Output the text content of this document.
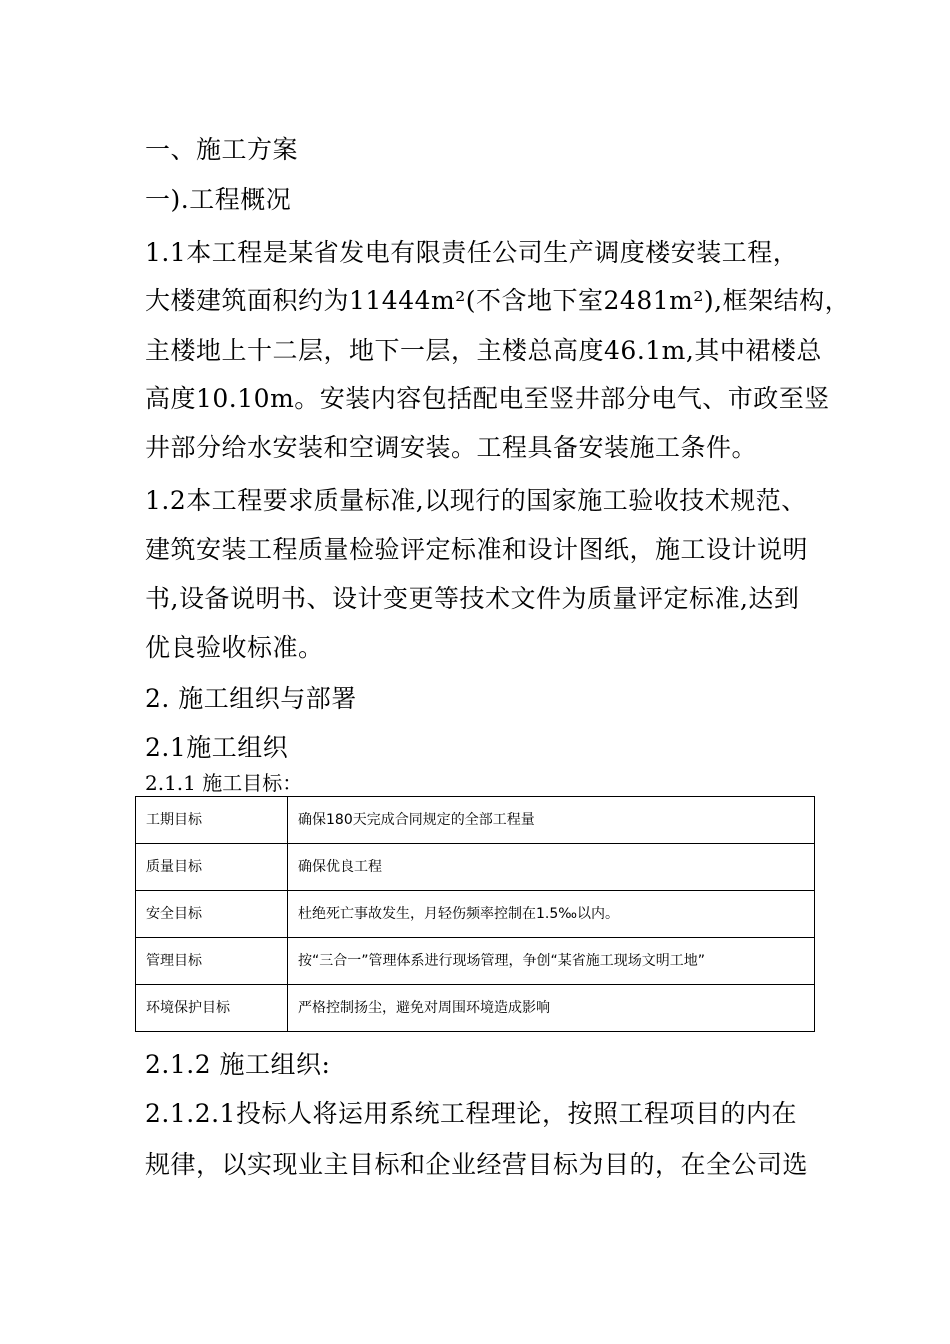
一、施工方案
一).工程概况
1.1本工程是某省发电有限责任公司生产调度楼安装工程，
大楼建筑面积约为11444m²(不含地下室2481m²),框架结构，
主楼地上十二层，地下一层，主楼总高度46.1m,其中裙楼总
高度10.10m。安装内容包括配电至竖井部分电气、市政至竖
井部分给水安装和空调安装。工程具备安装施工条件。
1.2本工程要求质量标准,以现行的国家施工验收技术规范、
建筑安装工程质量检验评定标准和设计图纸，施工设计说明
书,设备说明书、设计变更等技术文件为质量评定标准,达到
优良验收标准。
2. 施工组织与部署
2.1施工组织
2.1.1 施工目标：
工期目标	确保180天完成合同规定的全部工程量
质量目标	确保优良工程
安全目标	杜绝死亡事故发生，月轻伤频率控制在1.5‰以内。
管理目标	按“三合一”管理体系进行现场管理，争创“某省施工现场文明工地”
环境保护目标	严格控制扬尘，避免对周围环境造成影响
2.1.2 施工组织:
2.1.2.1投标人将运用系统工程理论，按照工程项目的内在
规律，以实现业主目标和企业经营目标为目的，在全公司选
